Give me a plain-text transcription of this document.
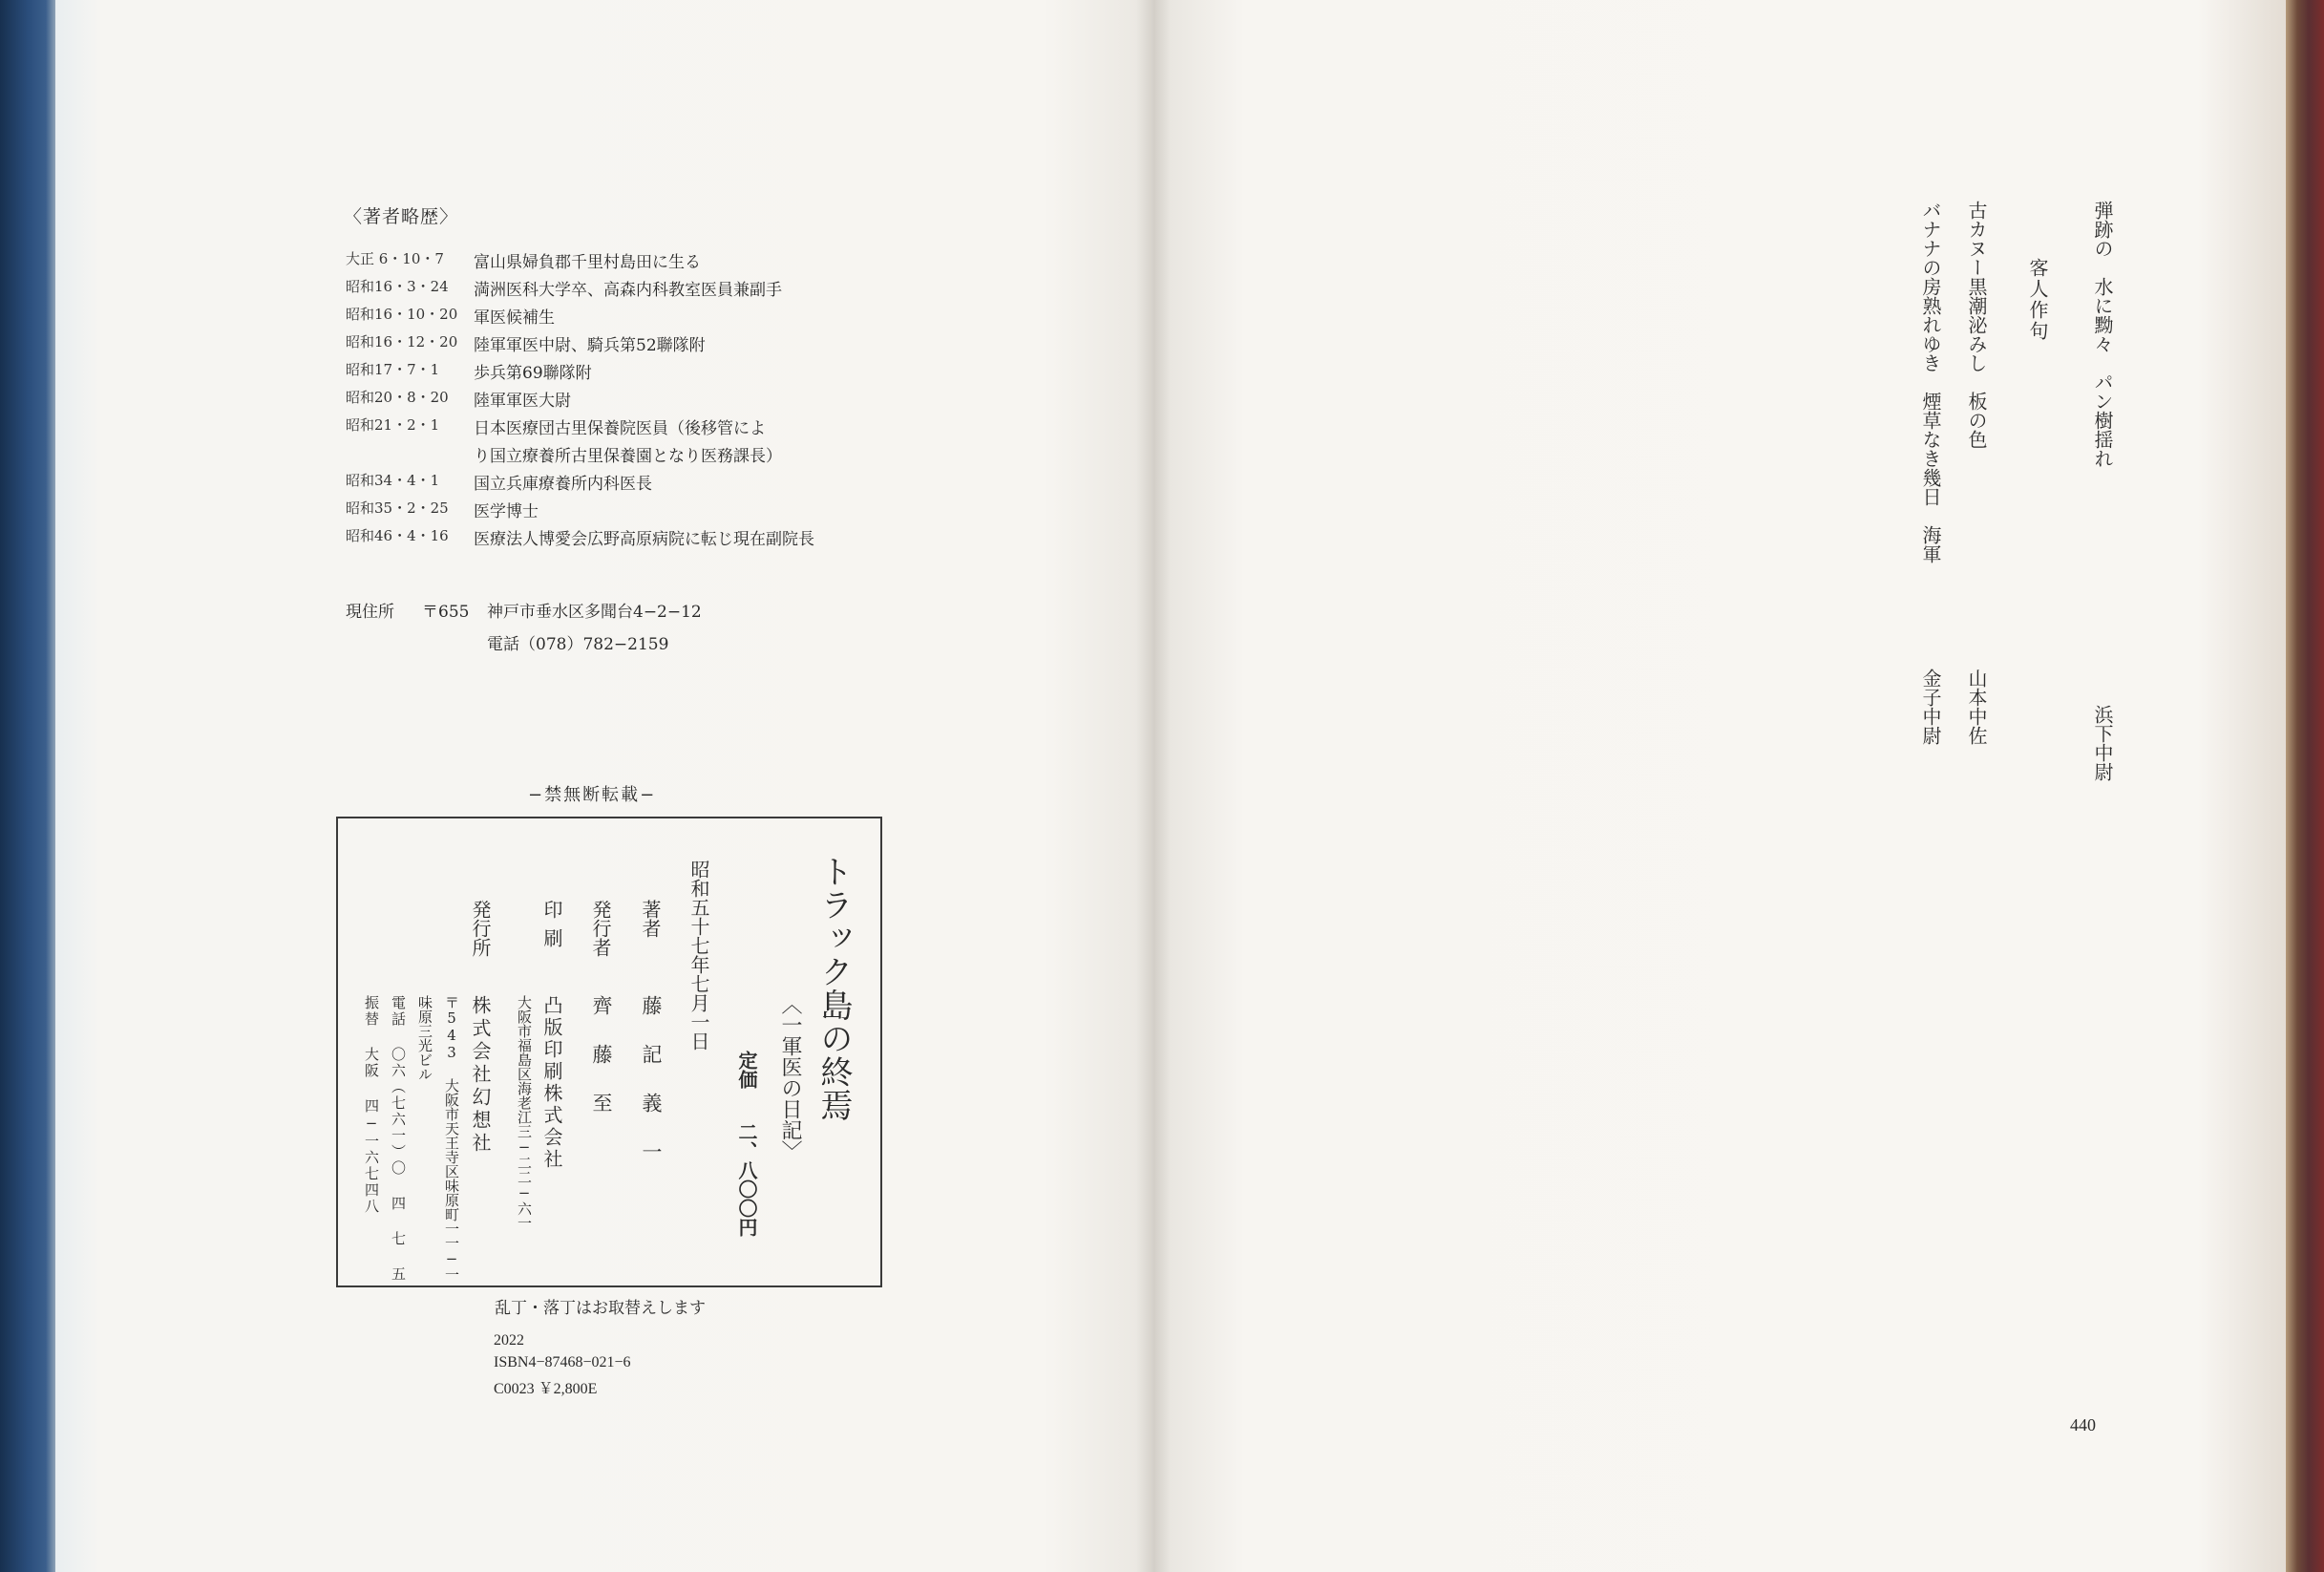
〈著者略歴〉
大正 6・10・7	富山県婦負郡千里村島田に生る
昭和16・3・24	満洲医科大学卒、高森内科教室医員兼副手
昭和16・10・20 軍医候補生
昭和16・12・20 陸軍軍医中尉、騎兵第52聯隊附
昭和17・7・1	歩兵第69聯隊附
昭和20・8・20	陸軍軍医大尉
昭和21・2・1	日本医療団古里保養院医員（後移管によ
り国立療養所古里保養園となり医務課長）
昭和34・4・1	国立兵庫療養所内科医長
昭和35・2・25	医学博士
昭和46・4・16	医療法人博愛会広野高原病院に転じ現在副院長
現住所 〒655 神戸市垂水区多聞台4−2−12
電話（078）782−2159
−禁無断転載−
トラック島の終焉
〈一軍医の日記〉
定価
二、八〇〇円
昭和五十七年七月一日
著者
藤記義一
発行者
齊藤至
印刷
凸版印刷株式会社
大阪市福島区海老江三−二二−六一
発行所
株式会社幻想社
〒543 大阪市天王寺区味原町一一−一
味原三光ビル
電話 〇六（七六一）〇 四 七 五
振替 大阪 四−一六七四八
乱丁・落丁はお取替えします
2022
ISBN4−87468−021−6
C0023 ￥2,800E
客人作句 弾跡の　水に黝々　パン樹揺れ
浜下中尉
古カヌー黒潮泌みし　板の色
山本中佐
バナナの房熟れゆき　煙草なき幾日　海軍
金子中尉
440
